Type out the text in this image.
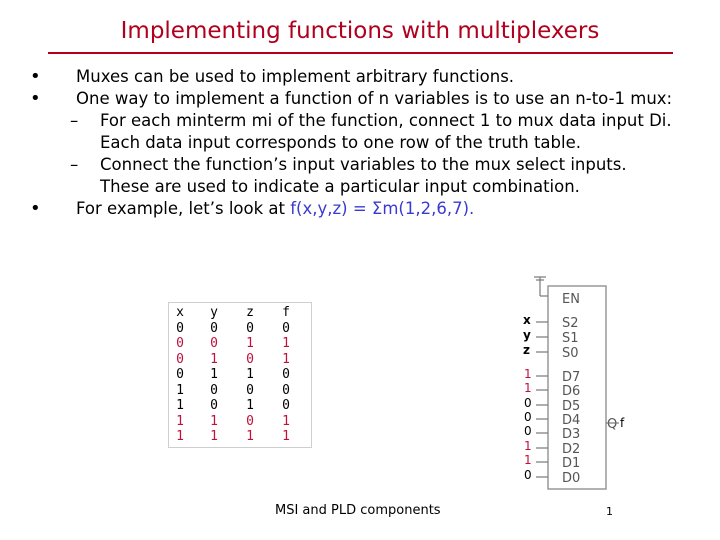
Implementing functions with multiplexers
• Muxes can be used to implement arbitrary functions.
• One way to implement a function of n variables is to use an n-to-1 mux:
– For each minterm mi of the function, connect 1 to mux data input Di.
Each data input corresponds to one row of the truth table.
– Connect the function’s input variables to the mux select inputs.
These are used to indicate a particular input combination.
• For example, let’s look at f(x,y,z) = Σm(1,2,6,7).
x
0
0
0
0
1
1
1
1
y
0
0
1
1
0
0
1
1
z
0
1
0
1
0
1
0
1
f
0
1
1
0
0
0
1
1
EN
S2
S1
S0
D7
D6
D5
D4
D3
D2
D1
D0
x
y
z
1
1
0
0
0
1
1
0
Q f
MSI and PLD components	1
